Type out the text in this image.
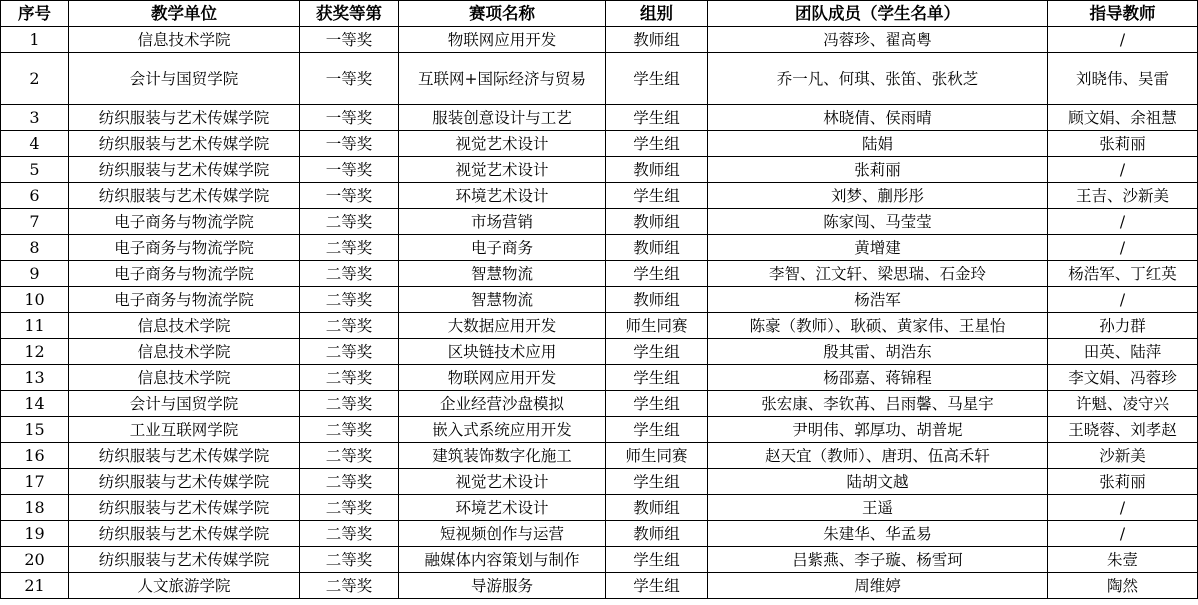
序号	教学单位	获奖等第	赛项名称	组别	团队成员（学生名单）	指导教师
1	信息技术学院	一等奖	物联网应用开发	教师组	冯蓉珍、翟高粤	/
2	会计与国贸学院	一等奖	互联网+国际经济与贸易	学生组	乔一凡、何琪、张笛、张秋芝	刘晓伟、吴雷
3	纺织服装与艺术传媒学院	一等奖	服装创意设计与工艺	学生组	林晓倩、侯雨晴	顾文娟、余祖慧
4	纺织服装与艺术传媒学院	一等奖	视觉艺术设计	学生组	陆娟	张莉丽
5	纺织服装与艺术传媒学院	一等奖	视觉艺术设计	教师组	张莉丽	/
6	纺织服装与艺术传媒学院	一等奖	环境艺术设计	学生组	刘梦、蒯彤彤	王吉、沙新美
7	电子商务与物流学院	二等奖	市场营销	教师组	陈家闯、马莹莹	/
8	电子商务与物流学院	二等奖	电子商务	教师组	黄增建	/
9	电子商务与物流学院	二等奖	智慧物流	学生组	李智、江文轩、梁思瑞、石金玲	杨浩军、丁红英
10	电子商务与物流学院	二等奖	智慧物流	教师组	杨浩军	/
11	信息技术学院	二等奖	大数据应用开发	师生同赛	陈豪（教师）、耿硕、黄家伟、王星怡	孙力群
12	信息技术学院	二等奖	区块链技术应用	学生组	殷其雷、胡浩东	田英、陆萍
13	信息技术学院	二等奖	物联网应用开发	学生组	杨邵嘉、蒋锦程	李文娟、冯蓉珍
14	会计与国贸学院	二等奖	企业经营沙盘模拟	学生组	张宏康、李钦苒、吕雨馨、马星宇	许魁、凌守兴
15	工业互联网学院	二等奖	嵌入式系统应用开发	学生组	尹明伟、郭厚功、胡普坭	王晓蓉、刘孝赵
16	纺织服装与艺术传媒学院	二等奖	建筑装饰数字化施工	师生同赛	赵天宜（教师）、唐玥、伍高禾轩	沙新美
17	纺织服装与艺术传媒学院	二等奖	视觉艺术设计	学生组	陆胡文越	张莉丽
18	纺织服装与艺术传媒学院	二等奖	环境艺术设计	教师组	王遥	/
19	纺织服装与艺术传媒学院	二等奖	短视频创作与运营	教师组	朱建华、华孟易	/
20	纺织服装与艺术传媒学院	二等奖	融媒体内容策划与制作	学生组	吕紫燕、李子璇、杨雪珂	朱壹
21	人文旅游学院	二等奖	导游服务	学生组	周维婷	陶然
